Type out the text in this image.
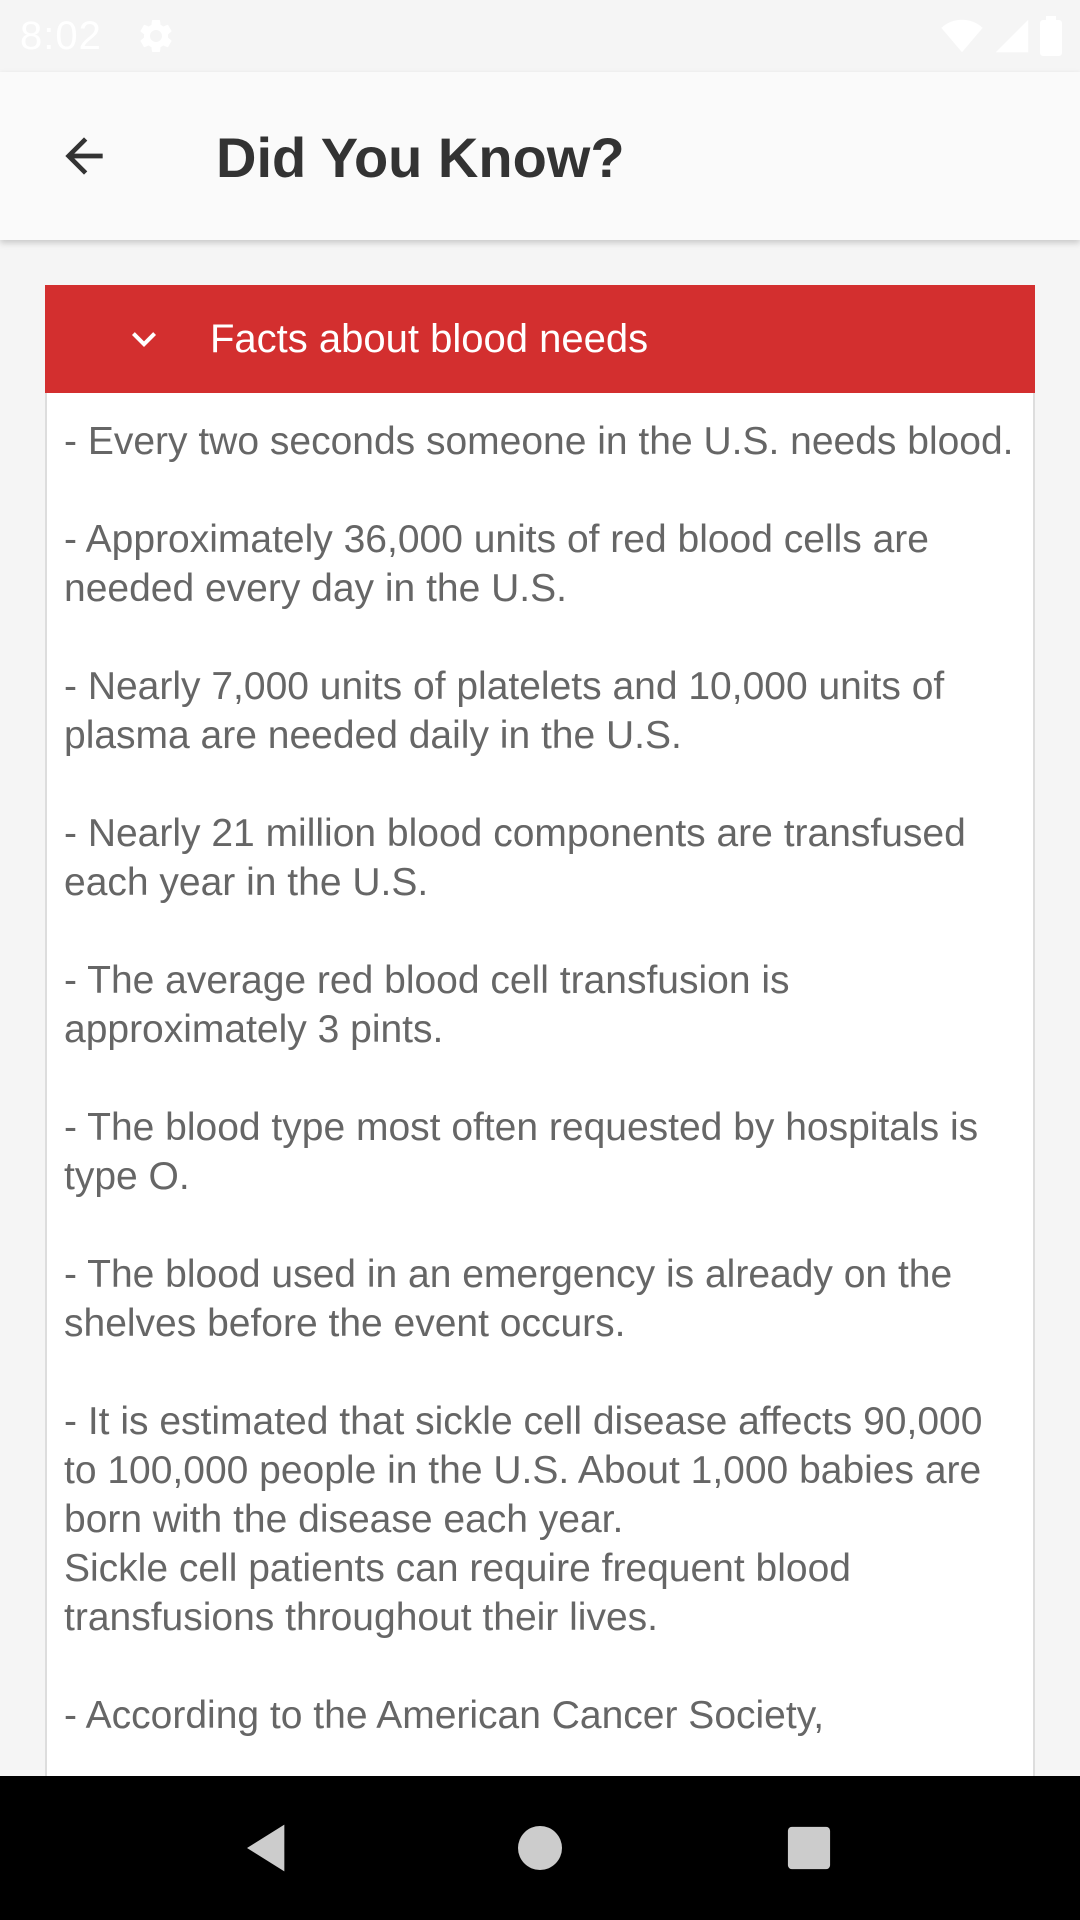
8:02
Did You Know?
Facts about blood needs

- Every two seconds someone in the U.S. needs blood.

- Approximately 36,000 units of red blood cells are needed every day in the U.S.

- Nearly 7,000 units of platelets and 10,000 units of plasma are needed daily in the U.S.

- Nearly 21 million blood components are transfused each year in the U.S.

- The average red blood cell transfusion is approximately 3 pints.

- The blood type most often requested by hospitals is type O.

- The blood used in an emergency is already on the shelves before the event occurs.

- It is estimated that sickle cell disease affects 90,000 to 100,000 people in the U.S. About 1,000 babies are born with the disease each year.
Sickle cell patients can require frequent blood transfusions throughout their lives.

- According to the American Cancer Society,
